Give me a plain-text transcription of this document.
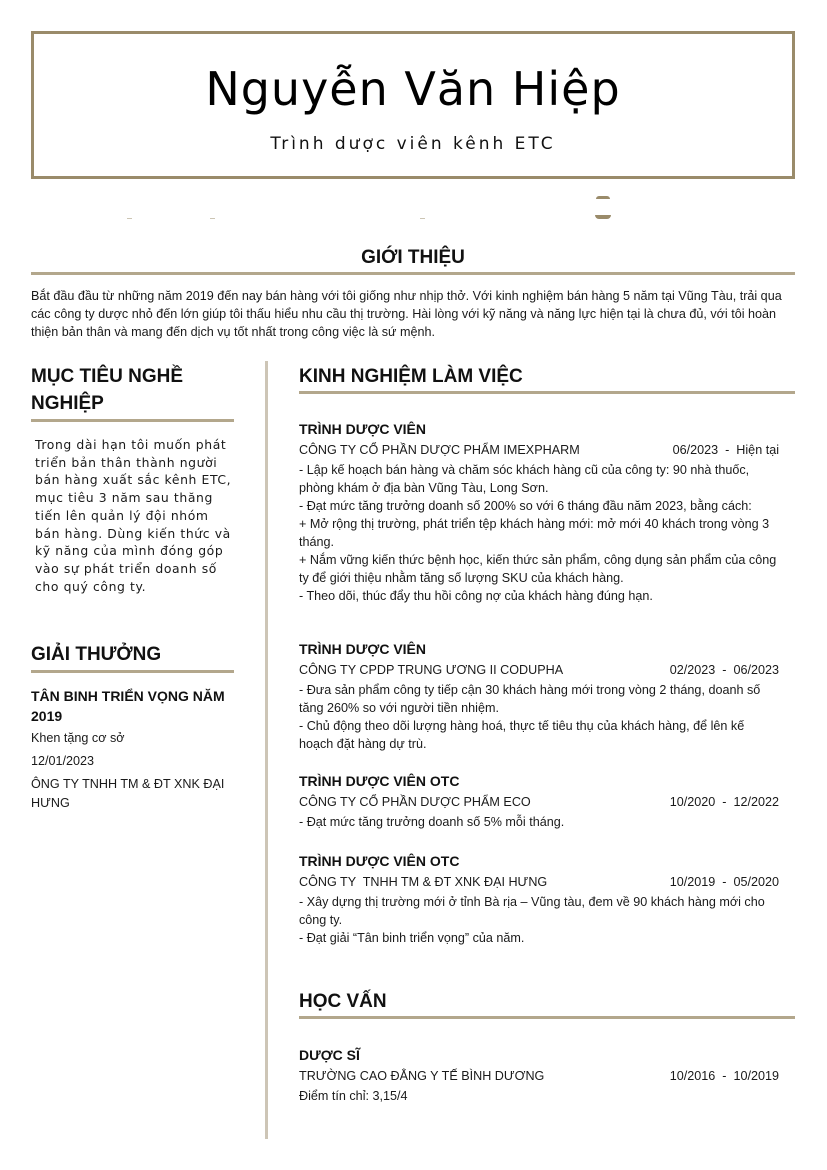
Nguyễn Văn Hiệp
Trình dược viên kênh ETC
GIỚI THIỆU
Bắt đầu đầu từ những năm 2019 đến nay bán hàng với tôi giống như nhịp thở. Với kinh nghiệm bán hàng 5 năm tại Vũng Tàu, trải qua các công ty dược nhỏ đến lớn giúp tôi thấu hiểu nhu cầu thị trường. Hài lòng với kỹ năng và năng lực hiện tại là chưa đủ, với tôi hoàn thiện bản thân và mang đến dịch vụ tốt nhất trong công việc là sứ mệnh.
MỤC TIÊU NGHỀ NGHIỆP
Trong dài hạn tôi muốn phát triển bản thân thành người bán hàng xuất sắc kênh ETC, mục tiêu 3 năm sau thăng tiến lên quản lý đội nhóm bán hàng. Dùng kiến thức và kỹ năng của mình đóng góp vào sự phát triển doanh số cho quý công ty.
GIẢI THƯỞNG
TÂN BINH TRIỂN VỌNG NĂM 2019
Khen tặng cơ sở
12/01/2023
ÔNG TY TNHH TM & ĐT XNK ĐẠI HƯNG
KINH NGHIỆM LÀM VIỆC
TRÌNH DƯỢC VIÊN
CÔNG TY CỔ PHẦN DƯỢC PHẨM IMEXPHARM	06/2023  -  Hiện tại
- Lập kế hoạch bán hàng và chăm sóc khách hàng cũ của công ty: 90 nhà thuốc, phòng khám ở địa bàn Vũng Tàu, Long Sơn.
- Đạt mức tăng trưởng doanh số 200% so với 6 tháng đầu năm 2023, bằng cách:
+ Mở rộng thị trường, phát triển tệp khách hàng mới: mở mới 40 khách trong vòng 3 tháng.
+ Nắm vững kiến thức bệnh học, kiến thức sản phẩm, công dụng sản phẩm của công ty để giới thiệu nhằm tăng số lượng SKU của khách hàng.
- Theo dõi, thúc đẩy thu hồi công nợ của khách hàng đúng hạn.
TRÌNH DƯỢC VIÊN
CÔNG TY CPDP TRUNG ƯƠNG II CODUPHA	02/2023  -  06/2023
- Đưa sản phẩm công ty tiếp cận 30 khách hàng mới trong vòng 2 tháng, doanh số tăng 260% so với người tiền nhiệm.
- Chủ động theo dõi lượng hàng hoá, thực tế tiêu thụ của khách hàng, để lên kế hoạch đặt hàng dự trù.
TRÌNH DƯỢC VIÊN OTC
CÔNG TY CỔ PHẦN DƯỢC PHẨM ECO	10/2020  -  12/2022
- Đạt mức tăng trưởng doanh số 5% mỗi tháng.
TRÌNH DƯỢC VIÊN OTC
CÔNG TY  TNHH TM & ĐT XNK ĐẠI HƯNG	10/2019  -  05/2020
- Xây dựng thị trường mới ở tỉnh Bà rịa – Vũng tàu, đem về 90 khách hàng mới cho công ty.
- Đạt giải “Tân binh triển vọng” của năm.
HỌC VẤN
DƯỢC SĨ
TRƯỜNG CAO ĐẲNG Y TẾ BÌNH DƯƠNG	10/2016  -  10/2019
Điểm tín chỉ: 3,15/4
